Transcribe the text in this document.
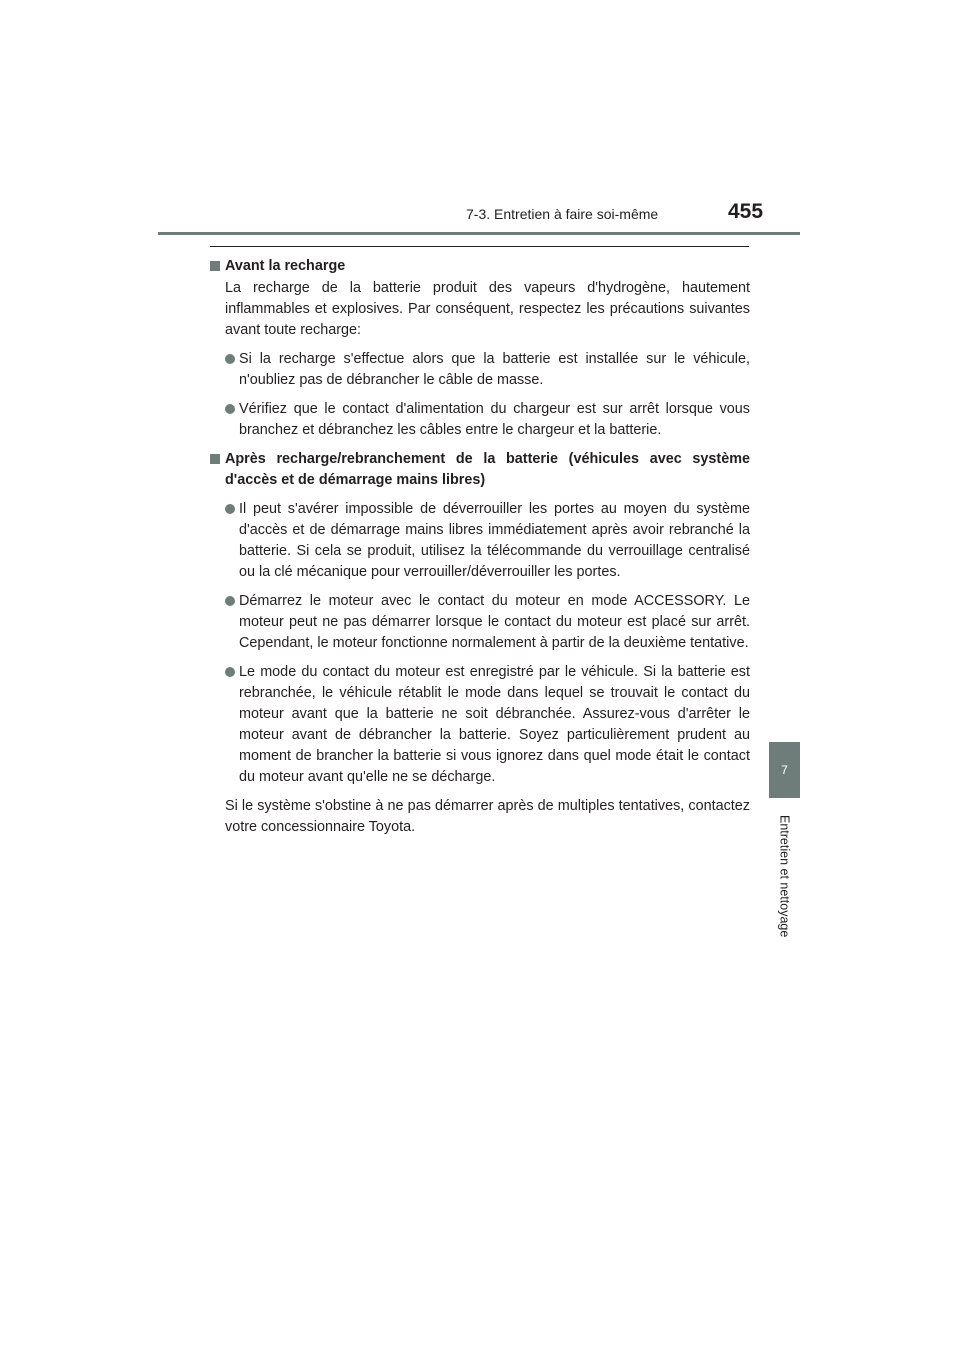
7-3. Entretien à faire soi-même	455
7
Entretien et nettoyage
Avant la recharge

La recharge de la batterie produit des vapeurs d'hydrogène, hautement inflammables et explosives. Par conséquent, respectez les précautions suivantes avant toute recharge:

Si la recharge s'effectue alors que la batterie est installée sur le véhicule, n'oubliez pas de débrancher le câble de masse.
Vérifiez que le contact d'alimentation du chargeur est sur arrêt lorsque vous branchez et débranchez les câbles entre le chargeur et la batterie.
Après recharge/rebranchement de la batterie (véhicules avec système d'accès et de démarrage mains libres)
Il peut s'avérer impossible de déverrouiller les portes au moyen du système d'accès et de démarrage mains libres immédiatement après avoir rebranché la batterie. Si cela se produit, utilisez la télécommande du verrouillage centralisé ou la clé mécanique pour verrouiller/déverrouiller les portes.
Démarrez le moteur avec le contact du moteur en mode ACCESSORY. Le moteur peut ne pas démarrer lorsque le contact du moteur est placé sur arrêt. Cependant, le moteur fonctionne normalement à partir de la deuxième tentative.
Le mode du contact du moteur est enregistré par le véhicule. Si la batterie est rebranchée, le véhicule rétablit le mode dans lequel se trouvait le contact du moteur avant que la batterie ne soit débranchée. Assurez-vous d'arrêter le moteur avant de débrancher la batterie. Soyez particulièrement prudent au moment de brancher la batterie si vous ignorez dans quel mode était le contact du moteur avant qu'elle ne se décharge.

Si le système s'obstine à ne pas démarrer après de multiples tentatives, contactez votre concessionnaire Toyota.
